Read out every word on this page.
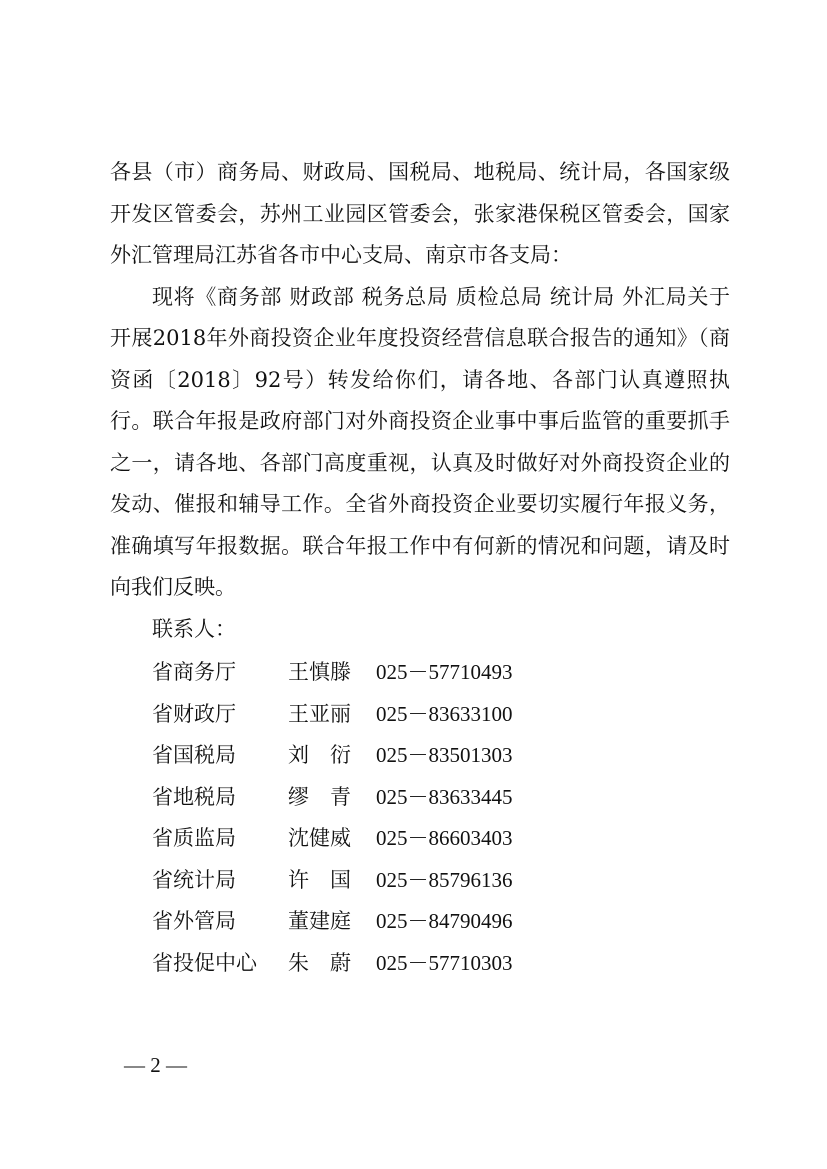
各县（市）商务局、财政局、国税局、地税局、统计局，各国家级开发区管委会，苏州工业园区管委会，张家港保税区管委会，国家外汇管理局江苏省各市中心支局、南京市各支局：

现将《商务部 财政部 税务总局 质检总局 统计局 外汇局关于开展2018年外商投资企业年度投资经营信息联合报告的通知》（商资函〔2018〕92号）转发给你们，请各地、各部门认真遵照执行。联合年报是政府部门对外商投资企业事中事后监管的重要抓手之一，请各地、各部门高度重视，认真及时做好对外商投资企业的发动、催报和辅导工作。全省外商投资企业要切实履行年报义务，准确填写年报数据。联合年报工作中有何新的情况和问题，请及时向我们反映。

联系人：

省商务厅	王慎滕	025－57710493
省财政厅	王亚丽	025－83633100
省国税局	刘　衍	025－83501303
省地税局	缪　青	025－83633445
省质监局	沈健威	025－86603403
省统计局	许　国	025－85796136
省外管局	董建庭	025－84790496
省投促中心	朱　蔚	025－57710303
— 2 —
